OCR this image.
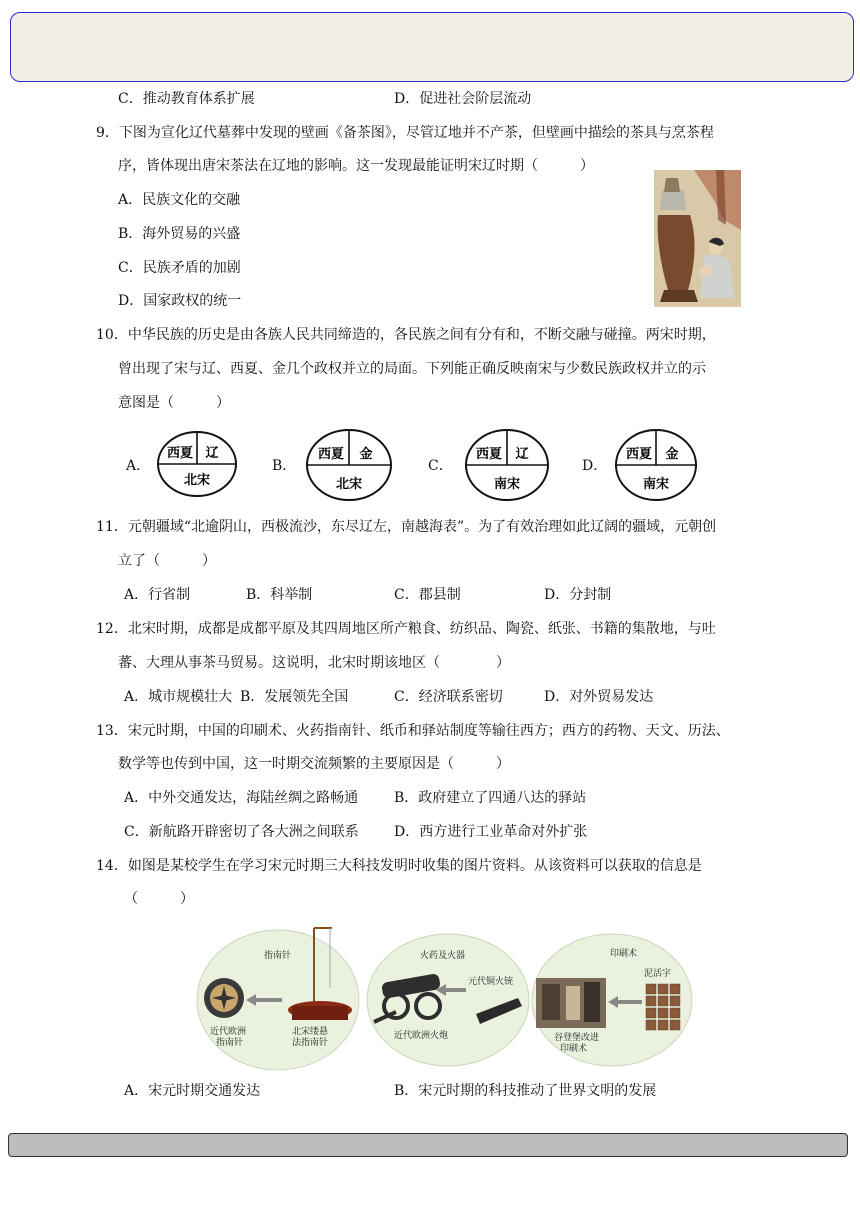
C．推动教育体系扩展	D．促进社会阶层流动
9．下图为宣化辽代墓葬中发现的壁画《备茶图》，尽管辽地并不产茶，但壁画中描绘的茶具与烹茶程
序，皆体现出唐宋茶法在辽地的影响。这一发现最能证明宋辽时期（　　　）
A．民族文化的交融
B．海外贸易的兴盛
C．民族矛盾的加剧
D．国家政权的统一
10．中华民族的历史是由各族人民共同缔造的，各民族之间有分有和，不断交融与碰撞。两宋时期，
曾出现了宋与辽、西夏、金几个政权并立的局面。下列能正确反映南宋与少数民族政权并立的示
意图是（　　　）
A．
西夏 辽
北宋
B．
西夏 金
北宋
C．
西夏 辽
南宋
D．
西夏 金
南宋
11．元朝疆域“北逾阴山，西极流沙，东尽辽左，南越海表”。为了有效治理如此辽阔的疆域，元朝创
立了（　　　）
A．行省制	B．科举制	C．郡县制	D．分封制
12．北宋时期，成都是成都平原及其四周地区所产粮食、纺织品、陶瓷、纸张、书籍的集散地，与吐
蕃、大理从事茶马贸易。这说明，北宋时期该地区（　　　　）
A．城市规模壮大 B．发展领先全国	C．经济联系密切	D．对外贸易发达
13．宋元时期，中国的印刷术、火药指南针、纸币和驿站制度等输往西方；西方的药物、天文、历法、
数学等也传到中国，这一时期交流频繁的主要原因是（　　　）
A．中外交通发达，海陆丝绸之路畅通	B．政府建立了四通八达的驿站
C．新航路开辟密切了各大洲之间联系	D．西方进行工业革命对外扩张
14．如图是某校学生在学习宋元时期三大科技发明时收集的图片资料。从该资料可以获取的信息是
（　　　）
指南针
近代欧洲
指南针
北宋缕悬
法指南针
火药及火器
元代铜火铳
近代欧洲火炮
印刷术
泥活字
谷登堡改进
印刷术
A．宋元时期交通发达	B．宋元时期的科技推动了世界文明的发展
